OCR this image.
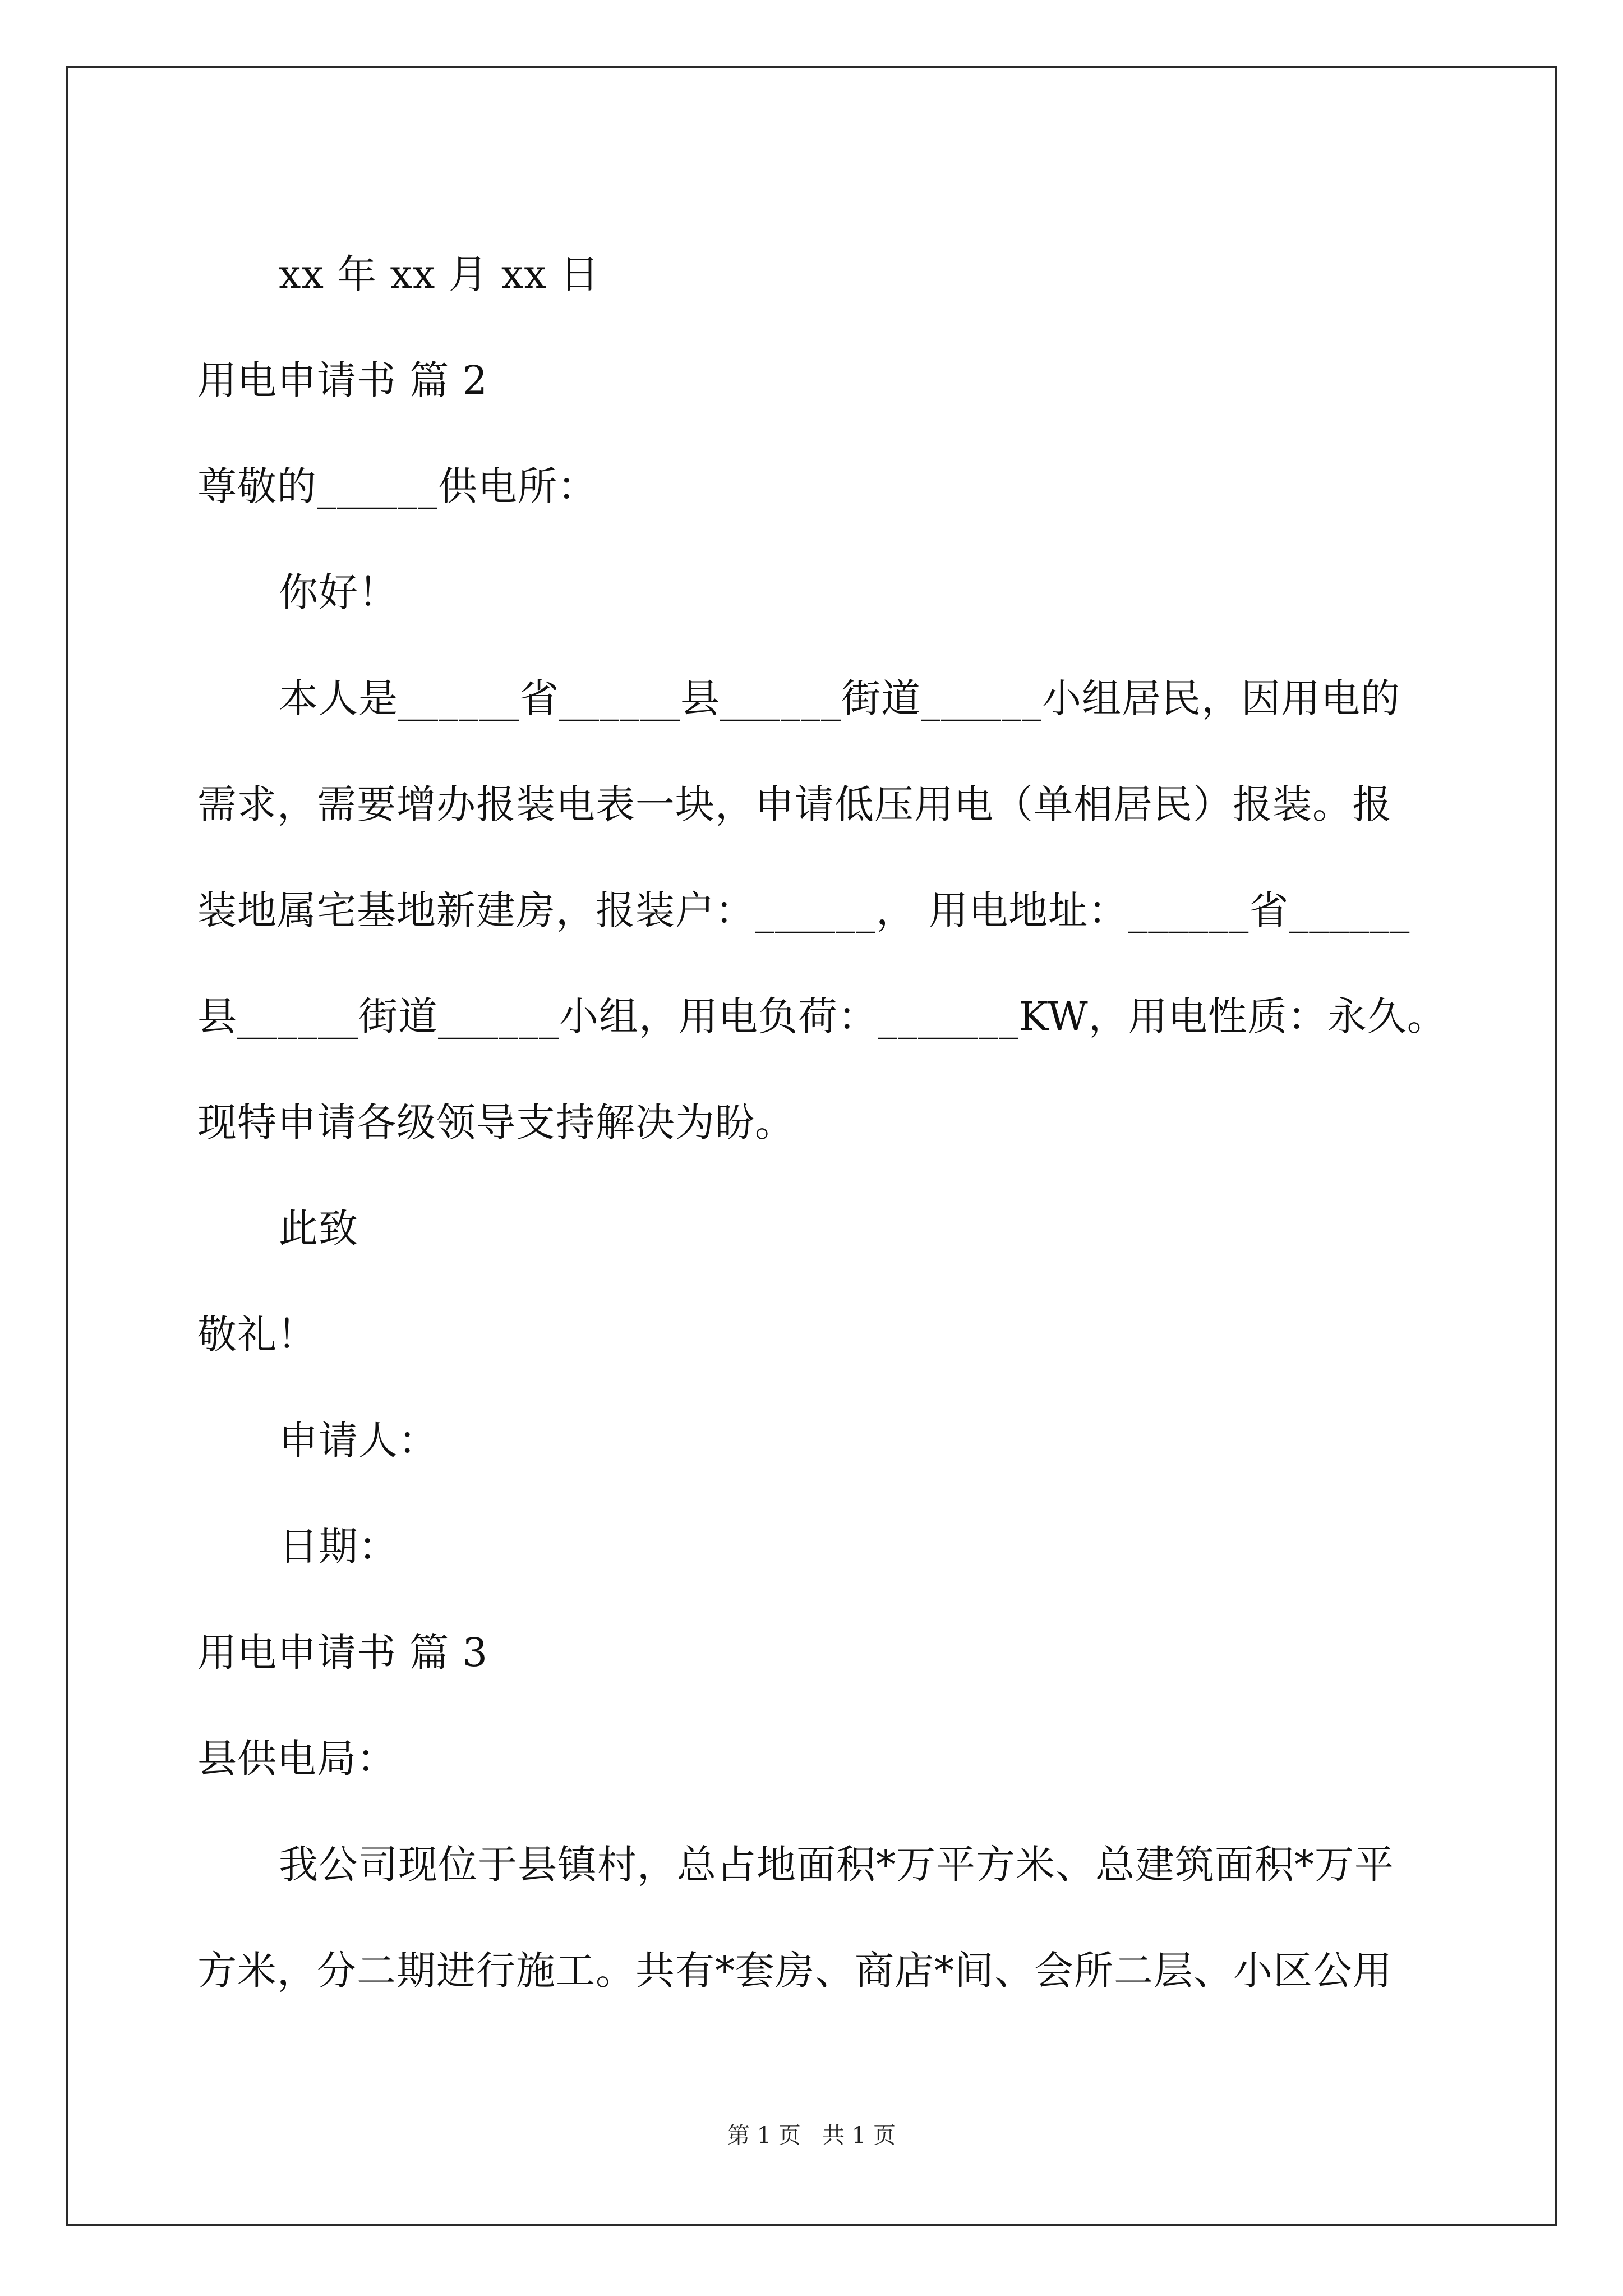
xx 年 xx 月 xx 日

用电申请书 篇 2

尊敬的______供电所：

你好！

本人是______省______县______街道______小组居民，因用电的

需求，需要增办报装电表一块，申请低压用电（单相居民）报装。报

装地属宅基地新建房，报装户：______， 用电地址：______省______

县______街道______小组，用电负荷：_______KW，用电性质：永久。

现特申请各级领导支持解决为盼。

此致

敬礼！

申请人：

日期：

用电申请书 篇 3

县供电局：

我公司现位于县镇村，总占地面积*万平方米、总建筑面积*万平

方米，分二期进行施工。共有*套房、商店*间、会所二层、小区公用

第 1 页   共 1 页
